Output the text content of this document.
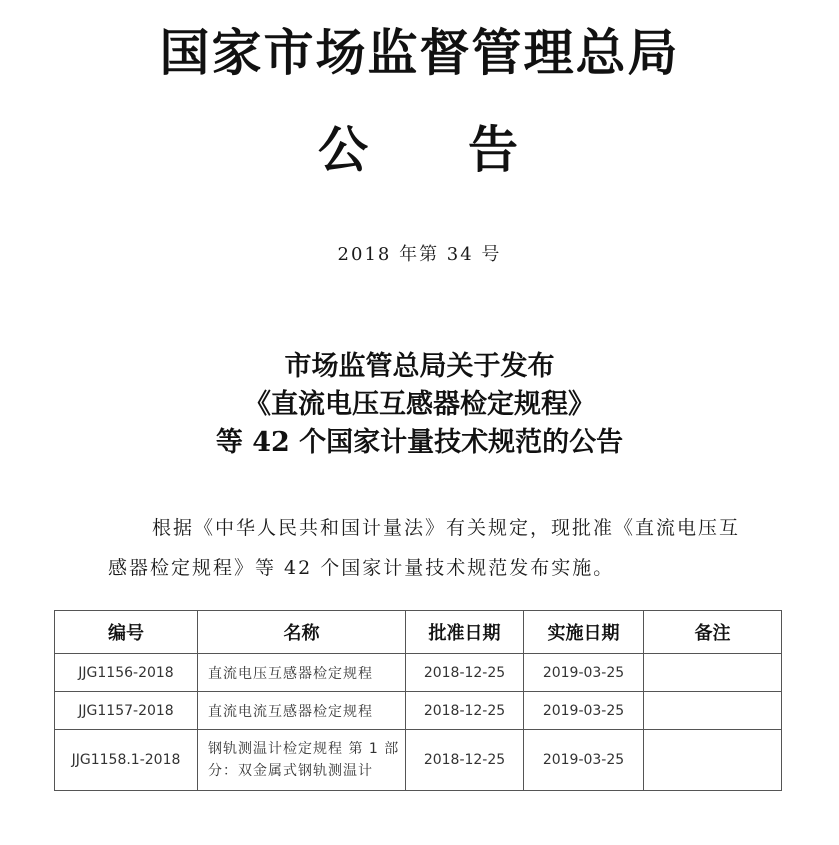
国家市场监督管理总局
公 告
2018 年第 34 号
市场监管总局关于发布
《直流电压互感器检定规程》
等 42 个国家计量技术规范的公告
根据《中华人民共和国计量法》有关规定，现批准《直流电压互感器检定规程》等 42 个国家计量技术规范发布实施。
编号	名称	批准日期	实施日期	备注
JJG1156-2018	直流电压互感器检定规程	2018-12-25	2019-03-25	
JJG1157-2018	直流电流互感器检定规程	2018-12-25	2019-03-25	
JJG1158.1-2018	钢轨测温计检定规程 第 1 部分：双金属式钢轨测温计	2018-12-25	2019-03-25	
